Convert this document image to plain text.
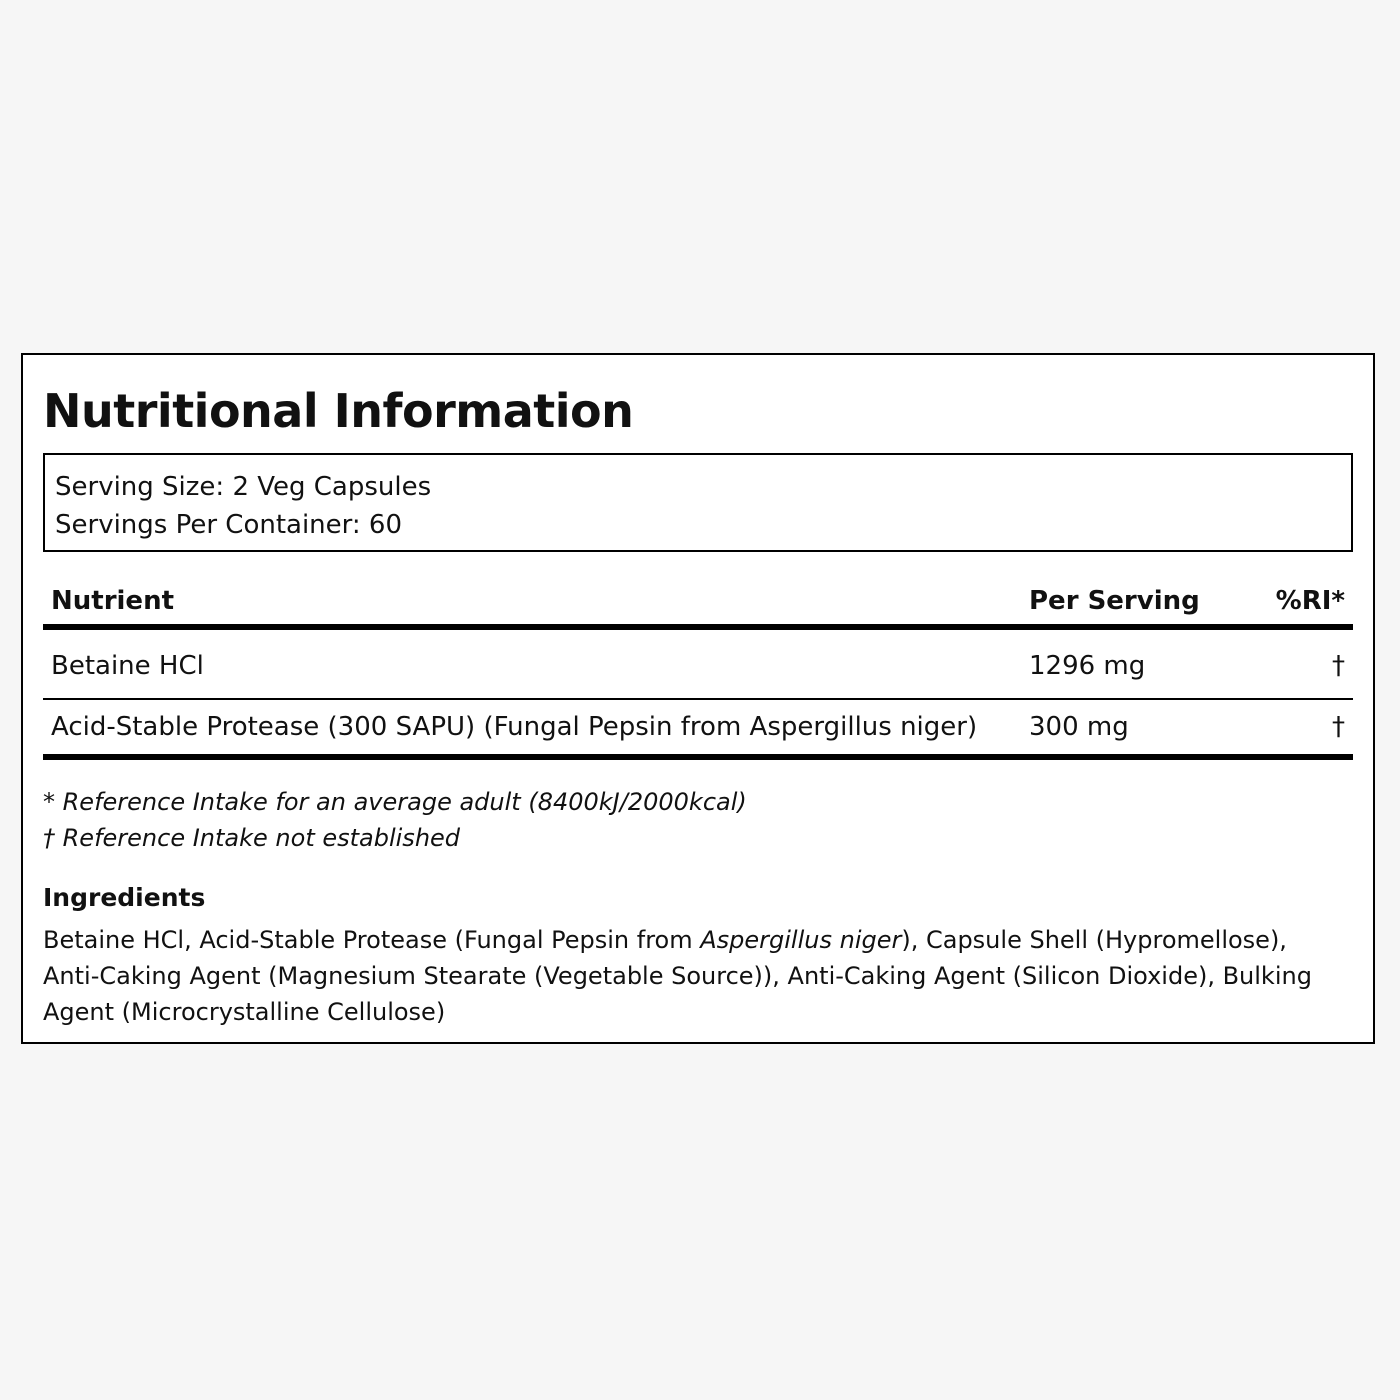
Nutritional Information
Serving Size: 2 Veg Capsules
Servings Per Container: 60
Nutrient	Per Serving	%RI*
Betaine HCl	1296 mg	†
Acid-Stable Protease (300 SAPU) (Fungal Pepsin from Aspergillus niger)	300 mg	†
* Reference Intake for an average adult (8400kJ/2000kcal)
† Reference Intake not established
Ingredients
Betaine HCl, Acid-Stable Protease (Fungal Pepsin from Aspergillus niger), Capsule Shell (Hypromellose), Anti-Caking Agent (Magnesium Stearate (Vegetable Source)), Anti-Caking Agent (Silicon Dioxide), Bulking Agent (Microcrystalline Cellulose)
